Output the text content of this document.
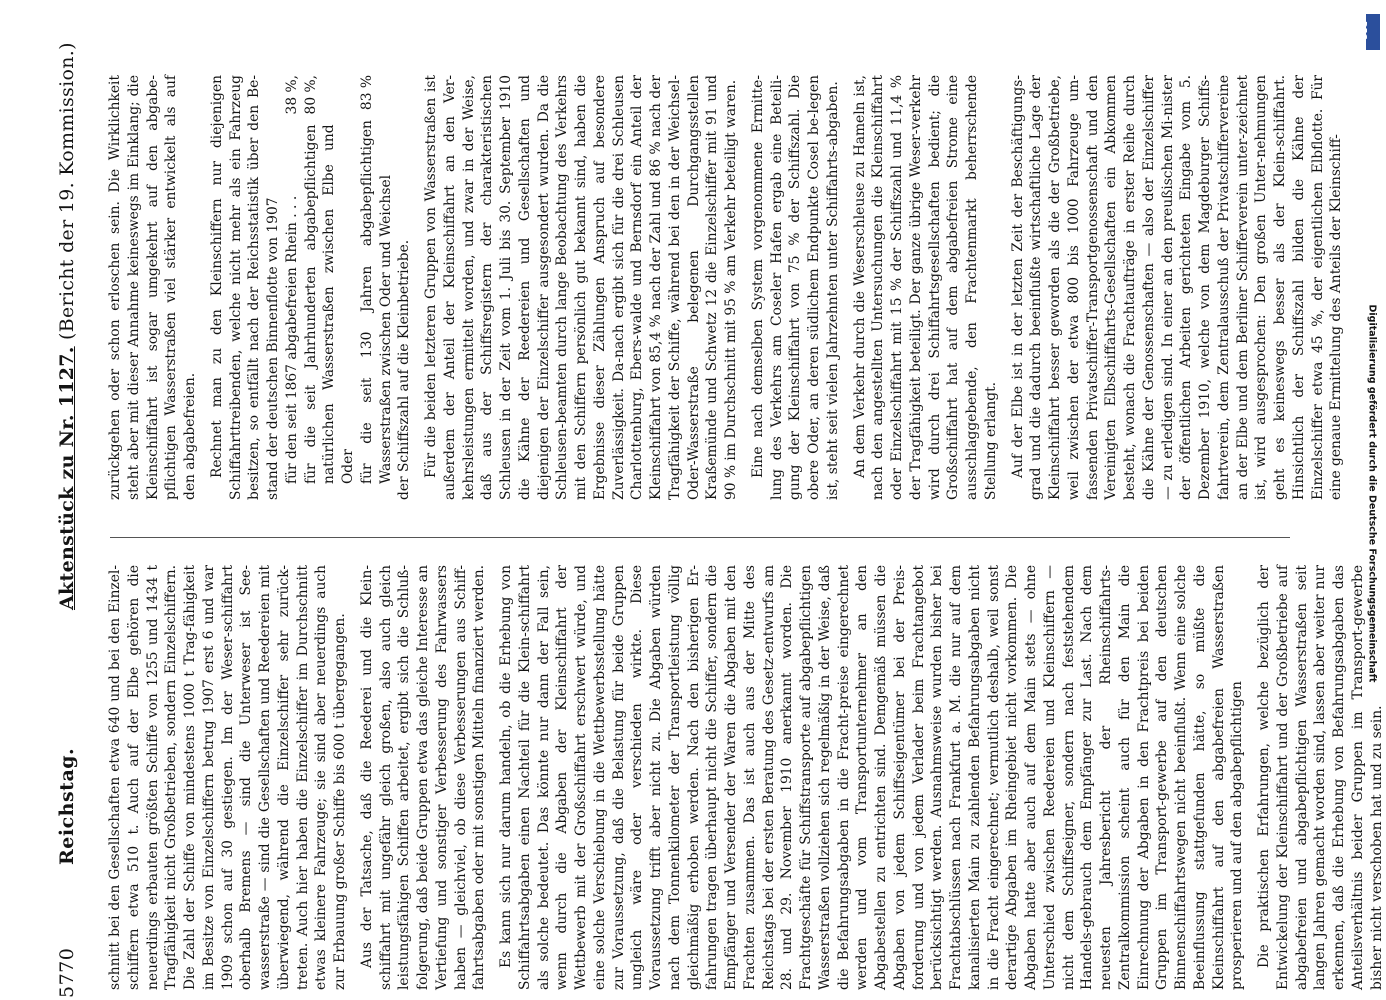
5770
Reichstag.
Aktenstück zu Nr. 1127. (Bericht der 19. Kommission.)

schnitt bei den Gesellschaften etwa 640 und bei den Einzel-schiffern etwa 510 t. Auch auf der Elbe gehören die neuerdings erbauten größten Schiffe von 1255 und 1434 t Tragfähigkeit nicht Großbetrieben, sondern Einzelschiffern. Die Zahl der Schiffe von mindestens 1000 t Trag-fähigkeit im Besitze von Einzelschiffern betrug 1907 erst 6 und war 1909 schon auf 30 gestiegen. Im der Weser-schiffahrt oberhalb Bremens — sind die Unterweser ist See-wasserstraße — sind die Gesellschaften und Reedereien mit überwiegend, während die Einzelschiffer sehr zurück-treten. Auch hier haben die Einzelschiffer im Durchschnitt etwas kleinere Fahrzeuge; sie sind aber neuerdings auch zur Erbauung großer Schiffe bis 600 t übergegangen. Aus der Tatsache, daß die Reederei und die Klein-schiffahrt mit ungefähr gleich großen, also auch gleich leistungsfähigen Schiffen arbeitet, ergibt sich die Schluß-folgerung, daß beide Gruppen etwa das gleiche Interesse an Vertiefung und sonstiger Verbesserung des Fahrwassers haben — gleichviel, ob diese Verbesserungen aus Schiff-fahrtsabgaben oder mit sonstigen Mitteln finanziert werden. Es kann sich nur darum handeln, ob die Erhebung von Schiffahrtsabgaben einen Nachteil für die Klein-schiffahrt als solche bedeutet. Das könnte nur dann der Fall sein, wenn durch die Abgaben der Kleinschiffahrt der Wettbewerb mit der Großschiffahrt erschwert würde, und eine solche Verschiebung in die Wettbewerbsstellung hätte zur Voraussetzung, daß die Belastung für beide Gruppen ungleich wäre oder verschieden wirkte. Diese Voraussetzung trifft aber nicht zu. Die Abgaben würden nach dem Tonnenkilometer der Transportleistung völlig gleichmäßig erhoben werden. Nach den bisherigen Er-fahrungen tragen überhaupt nicht die Schiffer, sondern die Empfänger und Versender der Waren die Abgaben mit den Frachten zusammen. Das ist auch aus der Mitte des Reichstags bei der ersten Beratung des Gesetz-entwurfs am 28. und 29. November 1910 anerkannt worden. Die Frachtgeschäfte für Schiffstransporte auf abgabepflichtigen Wasserstraßen vollziehen sich regelmäßig in der Weise, daß die Befahrungsabgaben in die Fracht-preise eingerechnet werden und vom Transportunternehmer an den Abgabestellen zu entrichten sind. Demgemäß müssen die Abgaben von jedem Schiffseigentümer bei der Preis-forderung und von jedem Verlader beim Frachtangebot berücksichtigt werden. Ausnahmsweise wurden bisher bei Frachtabschlüssen nach Frankfurt a. M. die nur auf dem kanalisierten Main zu zahlenden Befahrungsabgaben nicht in die Fracht eingerechnet; vermutlich deshalb, weil sonst derartige Abgaben im Rheingebiet nicht vorkommen. Die Abgaben hatte aber auch auf dem Main stets — ohne Unterschied zwischen Reedereien und Kleinschiffern — nicht dem Schiffseigner, sondern nach feststehendem Handels-gebrauch dem Empfänger zur Last. Nach dem neuesten Jahresbericht der Rheinschiffahrts-Zentralkommission scheint auch für den Main die Einrechnung der Abgaben in den Frachtpreis bei beiden Gruppen im Transport-gewerbe auf den deutschen Binnenschiffahrtswegen nicht beeinflußt. Wenn eine solche Beeinflussung stattgefunden hätte, so müßte die Kleinschiffahrt auf den abgabefreien Wasserstraßen prosperieren und auf den abgabepflichtigen Die praktischen Erfahrungen, welche bezüglich der Entwickelung der Kleinschiffahrt und der Großbetriebe auf abgabefreien und abgabepflichtigen Wasserstraßen seit langen Jahren gemacht worden sind, lassen aber weiter nur erkennen, daß die Erhebung von Befahrungsabgaben das Anteilsverhältnis beider Gruppen im Transport-gewerbe bisher nicht verschoben hat und zu sein.

zurückgehen oder schon erloschen sein. Die Wirklichkeit steht aber mit dieser Annahme keineswegs im Einklang; die Kleinschiffahrt ist sogar umgekehrt auf den abgabe-pflichtigen Wasserstraßen viel stärker entwickelt als auf den abgabefreien. Rechnet man zu den Kleinschiffern nur diejenigen Schiffahrttreibenden, welche nicht mehr als ein Fahrzeug besitzen, so entfällt nach der Reichsstatistik über den Be-stand der deutschen Binnenflotte von 1907 für den seit 1867 abgabefreien Rhein . . .
38 %,
für die seit Jahrhunderten abgabepflichtigen natürlichen Wasserstraßen zwischen Elbe und Oder
80 %,
für die seit 130 Jahren abgabepflichtigen Wasserstraßen zwischen Oder und Weichsel
83 %

der Schiffszahl auf die Kleinbetriebe. Für die beiden letzteren Gruppen von Wasserstraßen ist außerdem der Anteil der Kleinschiffahrt an den Ver-kehrsleistungen ermittelt worden, und zwar in der Weise, daß aus der Schiffsregistern der charakteristischen Schleusen in der Zeit vom 1. Juli bis 30. September 1910 die Kähne der Reedereien und Gesellschaften und diejenigen der Einzelschiffer ausgesondert wurden. Da die Schleusen-beamten durch lange Beobachtung des Verkehrs mit den Schiffern persönlich gut bekannt sind, haben die Ergebnisse dieser Zählungen Anspruch auf besondere Zuverlässigkeit. Da-nach ergibt sich für die drei Schleusen Charlottenburg, Ebers-walde und Bernsdorf ein Anteil der Kleinschiffahrt von 85,4 % nach der Zahl und 86 % nach der Tragfähigkeit der Schiffe, während bei den in der Weichsel-Oder-Wasserstraße belegenen Durchgangsstellen Kraßemünde und Schwetz 12 die Einzelschiffer mit 91 und 90 % im Durchschnitt mit 95 % am Verkehr beteiligt waren. Eine nach demselben System vorgenommene Ermitte-lung des Verkehrs am Coseler Hafen ergab eine Beteili-gung der Kleinschiffahrt von 75 % der Schiffszahl. Die obere Oder, an deren südlichem Endpunkte Cosel be-legen ist, steht seit vielen Jahrzehnten unter Schiffahrts-abgaben. An dem Verkehr durch die Weserschleuse zu Hameln ist, nach den angestellten Untersuchungen die Kleinschiffahrt oder Einzelschiffahrt mit 15 % der Schiffszahl und 11,4 % der Tragfähigkeit beteiligt. Der ganze übrige Weser-verkehr wird durch drei Schiffahrtsgesellschaften bedient; die Großschiffahrt hat auf dem abgabefreien Strome eine ausschlaggebende, den Frachtenmarkt beherrschende Stellung erlangt. Auf der Elbe ist in der letzten Zeit der Beschäftigungs-grad und die dadurch beeinflußte wirtschaftliche Lage der Kleinschiffahrt besser geworden als die der Großbetriebe, weil zwischen der etwa 800 bis 1000 Fahrzeuge um-fassenden Privatschiffer-Transportgenossenschaft und den Vereinigten Elbschiffahrts-Gesellschaften ein Abkommen besteht, wonach die Frachtaufträge in erster Reihe durch die Kähne der Genossenschaften — also der Einzelschiffer — zu erledigen sind. In einer an den preußischen Mi-nister der öffentlichen Arbeiten gerichteten Eingabe vom 5. Dezember 1910, welche von dem Magdeburger Schiffs-fahrtverein, dem Zentralausschuß der Privatschiffervereine an der Elbe und dem Berliner Schifferverein unter-zeichnet ist, wird ausgesprochen: Den großen Unter-nehmungen geht es keineswegs besser als der Klein-schiffahrt. Hinsichtlich der Schiffszahl bilden die Kähne der Einzelschiffer etwa 45 %, der eigentlichen Elbflotte. Für eine genaue Ermittelung des Anteils der Kleinschiff-

DFG
Digitalisierung gefördert durch die Deutsche Forschungsgemeinschaft
